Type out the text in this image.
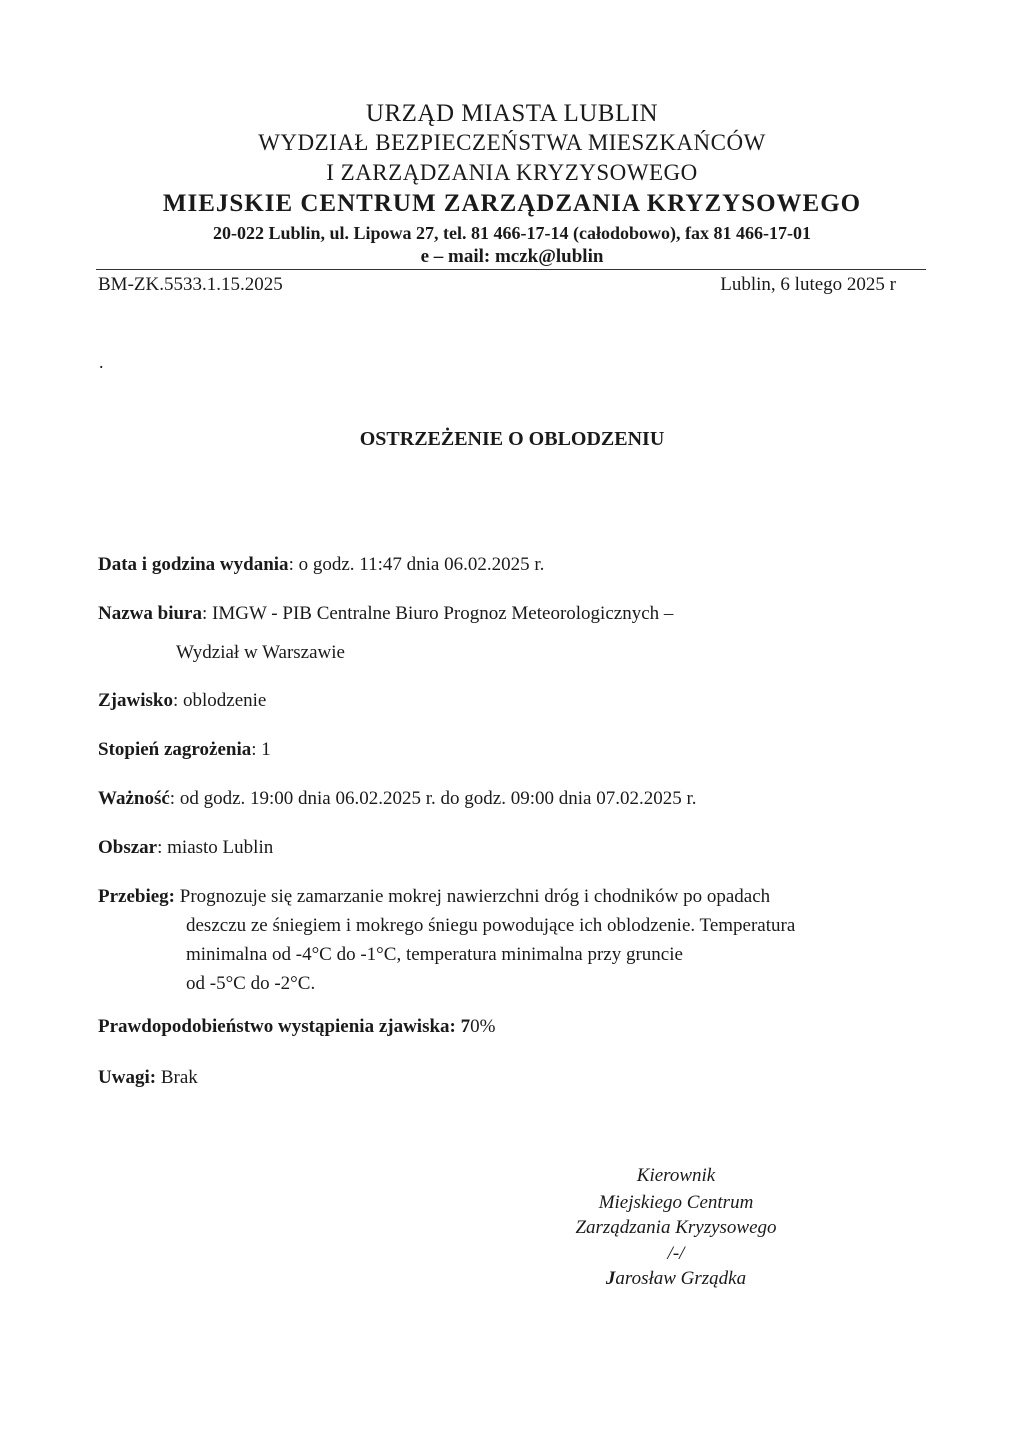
URZĄD MIASTA LUBLIN
WYDZIAŁ BEZPIECZEŃSTWA MIESZKAŃCÓW
I ZARZĄDZANIA KRYZYSOWEGO
MIEJSKIE CENTRUM ZARZĄDZANIA KRYZYSOWEGO
20-022 Lublin, ul. Lipowa 27, tel. 81 466-17-14 (całodobowo), fax 81 466-17-01
e – mail: mczk@lublin
BM-ZK.5533.1.15.2025	Lublin, 6 lutego 2025 r
.
OSTRZEŻENIE O OBLODZENIU
Data i godzina wydania: o godz. 11:47 dnia 06.02.2025 r.
Nazwa biura: IMGW - PIB Centralne Biuro Prognoz Meteorologicznych –
Wydział w Warszawie
Zjawisko: oblodzenie
Stopień zagrożenia: 1
Ważność: od godz. 19:00 dnia 06.02.2025 r. do godz. 09:00 dnia 07.02.2025 r.
Obszar: miasto Lublin
Przebieg: Prognozuje się zamarzanie mokrej nawierzchni dróg i chodników po opadach
deszczu ze śniegiem i mokrego śniegu powodujące ich oblodzenie. Temperatura
minimalna od -4°C do -1°C, temperatura minimalna przy gruncie
od -5°C do -2°C.
Prawdopodobieństwo wystąpienia zjawiska: 70%
Uwagi: Brak
Kierownik
Miejskiego Centrum
Zarządzania Kryzysowego
/-/
Jarosław Grządka
